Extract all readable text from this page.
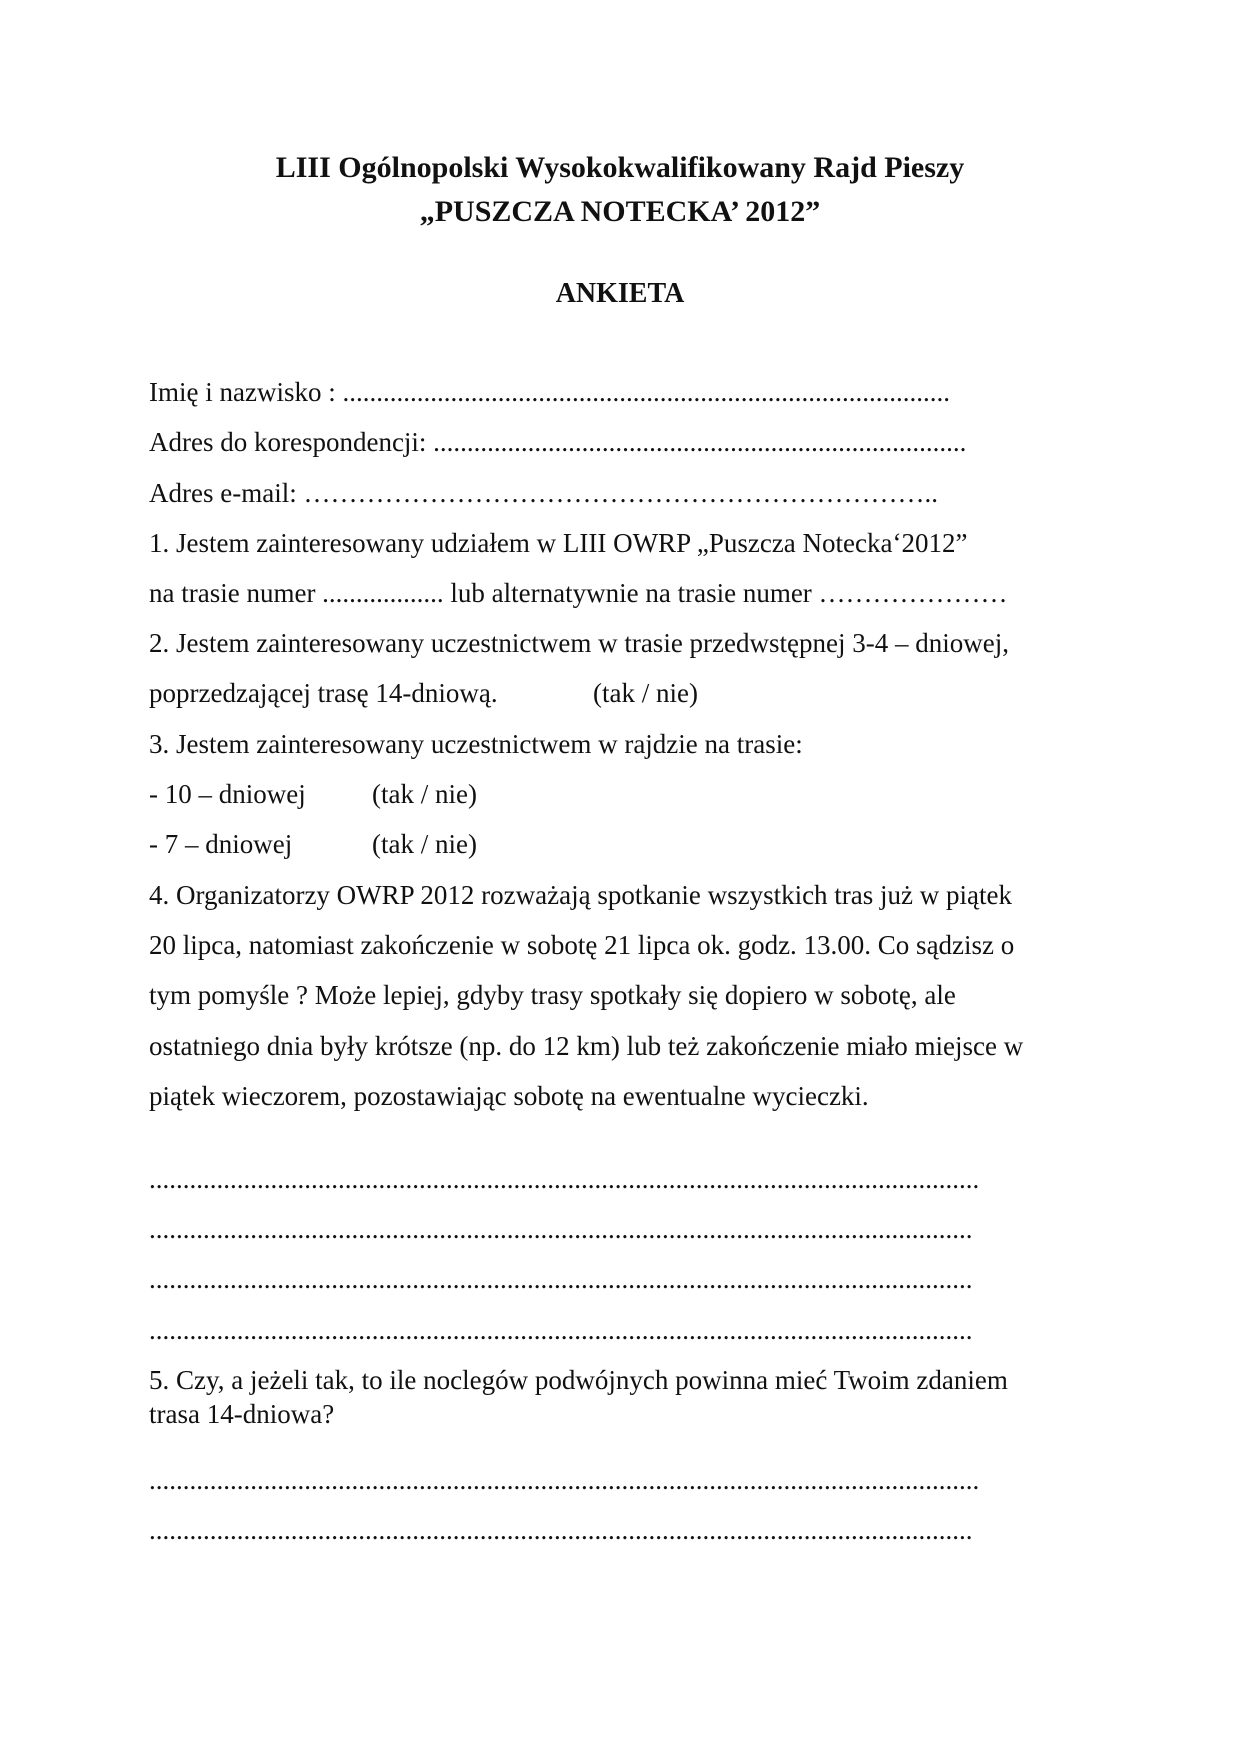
LIII Ogólnopolski Wysokokwalifikowany Rajd Pieszy
„PUSZCZA NOTECKA’ 2012”
ANKIETA
Imię i nazwisko : ..........................................................................................
Adres do korespondencji: ...............................................................................
Adres e-mail: ……………………………………………………………..
1. Jestem zainteresowany udziałem w LIII OWRP „Puszcza Notecka‘2012”
na trasie numer .................. lub alternatywnie na trasie numer …………………
2. Jestem zainteresowany uczestnictwem w trasie przedwstępnej 3-4 – dniowej,
poprzedzającej trasę 14-dniową.	(tak / nie)
3. Jestem zainteresowany uczestnictwem w rajdzie na trasie:
- 10 – dniowej (tak / nie)
- 7 – dniowej	(tak / nie)
4. Organizatorzy OWRP 2012 rozważają spotkanie wszystkich tras już w piątek
20 lipca, natomiast zakończenie w sobotę 21 lipca ok. godz. 13.00. Co sądzisz o
tym pomyśle ? Może lepiej, gdyby trasy spotkały się dopiero w sobotę, ale
ostatniego dnia były krótsze (np. do 12 km) lub też zakończenie miało miejsce w
piątek wieczorem, pozostawiając sobotę na ewentualne wycieczki.
...........................................................................................................................
..........................................................................................................................
..........................................................................................................................
..........................................................................................................................
5. Czy, a jeżeli tak, to ile noclegów podwójnych powinna mieć Twoim zdaniem
trasa 14-dniowa?
...........................................................................................................................
..........................................................................................................................
